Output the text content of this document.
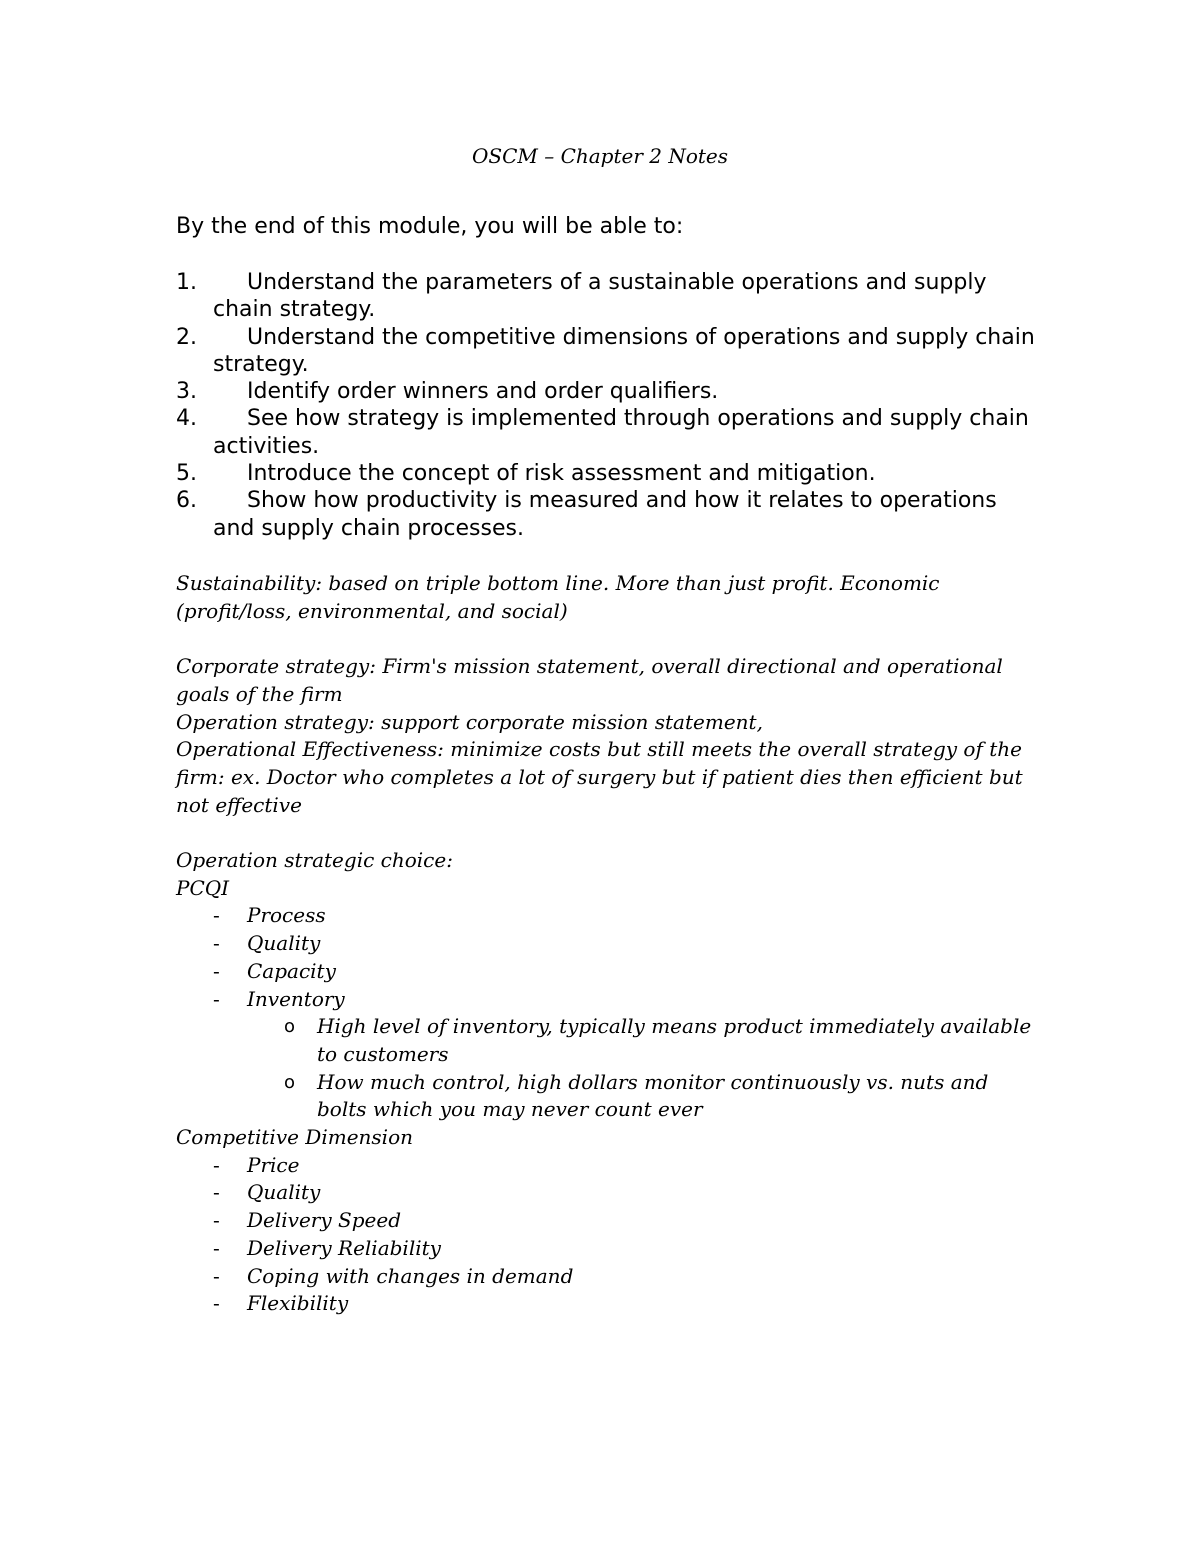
OSCM – Chapter 2 Notes

By the end of this module, you will be able to:

1.	Understand the parameters of a sustainable operations and supply chain strategy.
2.	Understand the competitive dimensions of operations and supply chain strategy.
3.	Identify order winners and order qualifiers.
4.	See how strategy is implemented through operations and supply chain activities.
5.	Introduce the concept of risk assessment and mitigation.
6.	Show how productivity is measured and how it relates to operations and supply chain processes.

Sustainability: based on triple bottom line. More than just profit. Economic (profit/loss, environmental, and social)

Corporate strategy: Firm's mission statement, overall directional and operational goals of the firm

Operation strategy: support corporate mission statement,

Operational Effectiveness: minimize costs but still meets the overall strategy of the firm: ex. Doctor who completes a lot of surgery but if patient dies then efficient but not effective

Operation strategic choice:

PCQI

- Process
- Quality
- Capacity
- Inventory
o High level of inventory, typically means product immediately available to customers
o How much control, high dollars monitor continuously vs. nuts and bolts which you may never count ever

Competitive Dimension

- Price
- Quality
- Delivery Speed
- Delivery Reliability
- Coping with changes in demand
- Flexibility
